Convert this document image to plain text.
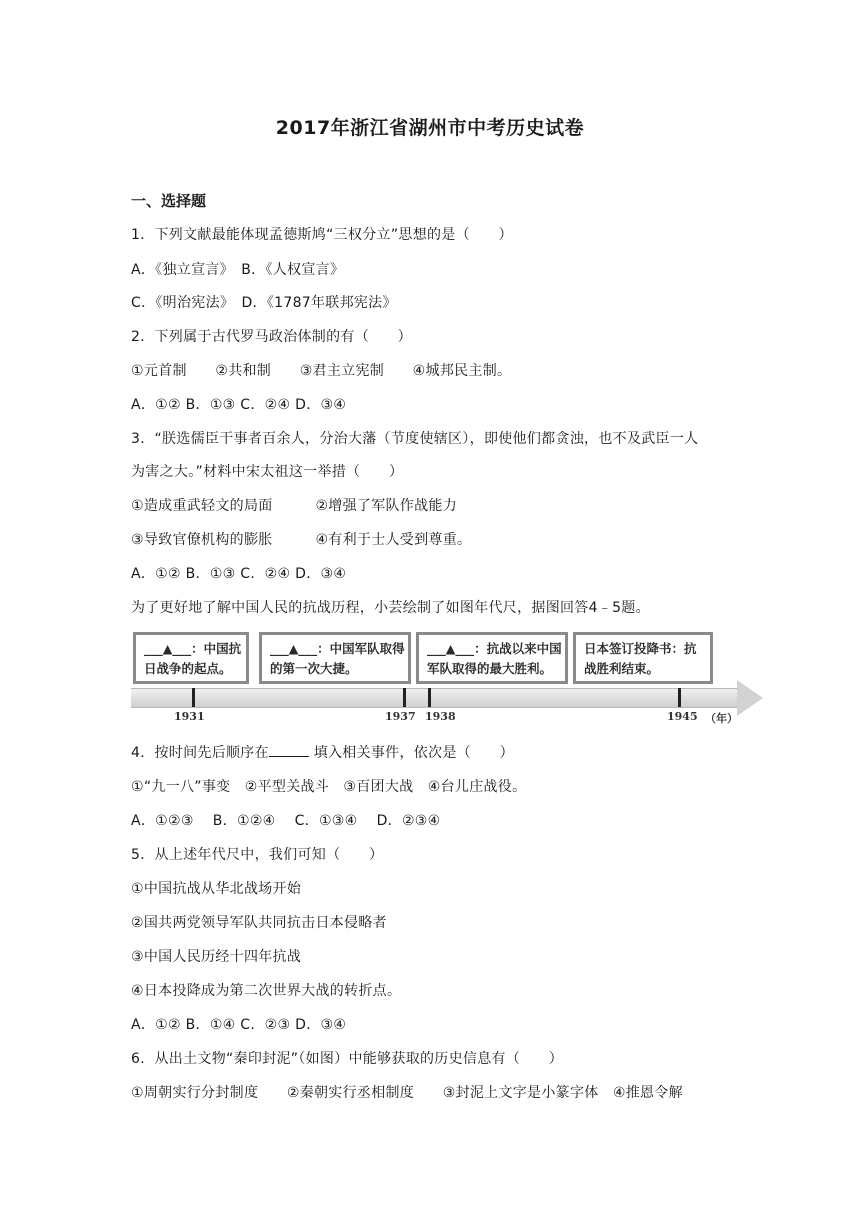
2017年浙江省湖州市中考历史试卷
一、选择题
1．下列文献最能体现孟德斯鸠“三权分立”思想的是（　　）
A．《独立宣言》　B．《人权宣言》
C．《明治宪法》　D．《1787年联邦宪法》
2．下列属于古代罗马政治体制的有（　　）
①元首制　　②共和制　　③君主立宪制　　④城邦民主制。
A．①② B．①③ C．②④ D．③④
3．“朕选儒臣干事者百余人，分治大藩（节度使辖区），即使他们都贪浊，也不及武臣一人
为害之大。”材料中宋太祖这一举措（　　）
①造成重武轻文的局面　　　②增强了军队作战能力
③导致官僚机构的膨胀　　　④有利于士人受到尊重。
A．①② B．①③ C．②④ D．③④
为了更好地了解中国人民的抗战历程，小芸绘制了如图年代尺，据图回答4﹣5题。
___▲___：中国抗
日战争的起点。
___▲___：中国军队取得
的第一次大捷。
___▲___：抗战以来中国
军队取得的最大胜利。
日本签订投降书：抗
战胜利结束。
1931	1937 1938	1945 （年）
4．按时间先后顺序在	填入相关事件，依次是（　　）
①“九一八”事变　②平型关战斗　③百团大战　④台儿庄战役。
A．①②③　 B．①②④　 C．①③④　 D．②③④
5．从上述年代尺中，我们可知（　　）
①中国抗战从华北战场开始
②国共两党领导军队共同抗击日本侵略者
③中国人民历经十四年抗战
④日本投降成为第二次世界大战的转折点。
A．①② B．①④ C．②③ D．③④
6．从出土文物“秦印封泥”（如图）中能够获取的历史信息有（　　）
①周朝实行分封制度　　②秦朝实行丞相制度　　③封泥上文字是小篆字体　④推恩令解
